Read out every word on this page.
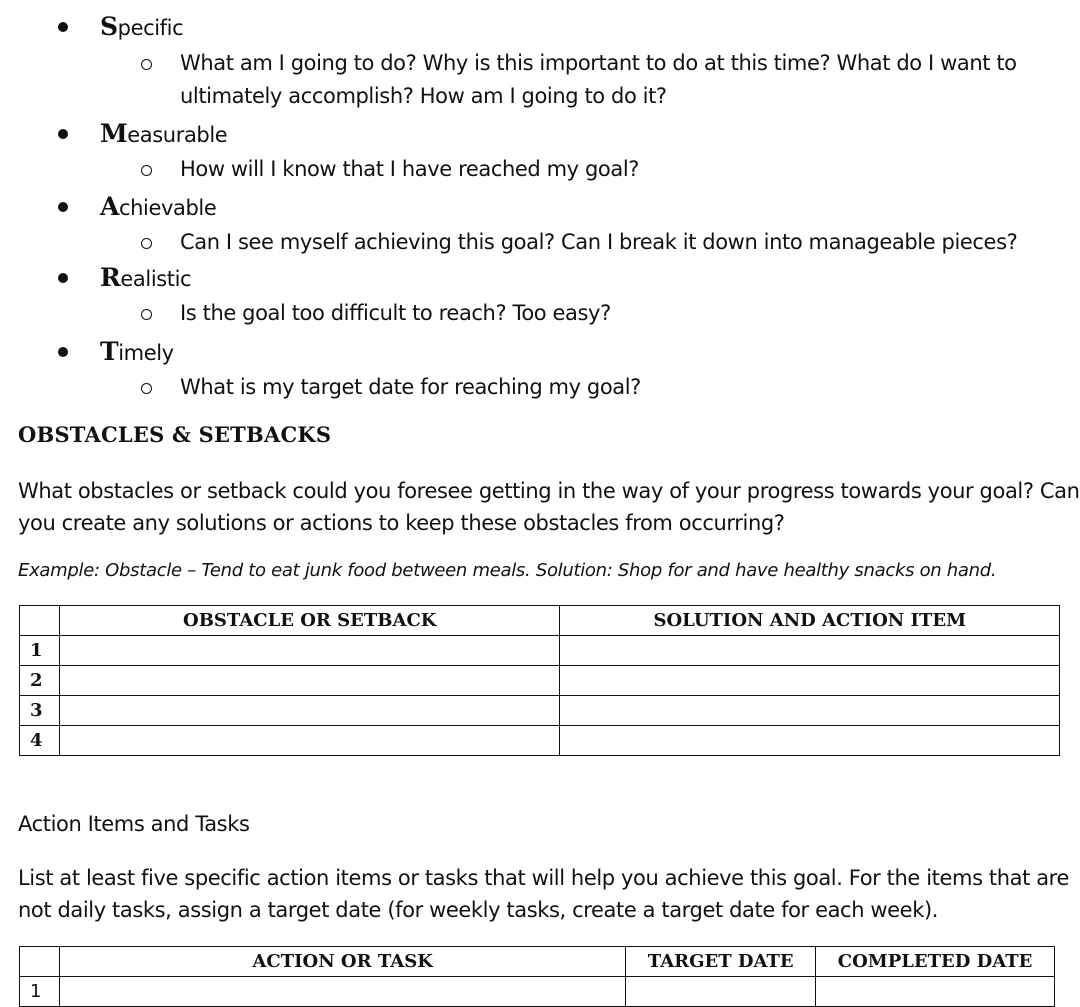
Specific
What am I going to do? Why is this important to do at this time? What do I want to
ultimately accomplish? How am I going to do it?
Measurable
How will I know that I have reached my goal?
Achievable
Can I see myself achieving this goal? Can I break it down into manageable pieces?
Realistic
Is the goal too difficult to reach? Too easy?
Timely
What is my target date for reaching my goal?
OBSTACLES & SETBACKS
What obstacles or setback could you foresee getting in the way of your progress towards your goal? Can
you create any solutions or actions to keep these obstacles from occurring?
Example: Obstacle – Tend to eat junk food between meals. Solution: Shop for and have healthy snacks on hand.
	OBSTACLE OR SETBACK	SOLUTION AND ACTION ITEM
1		
2		
3		
4		
Action Items and Tasks
List at least five specific action items or tasks that will help you achieve this goal. For the items that are
not daily tasks, assign a target date (for weekly tasks, create a target date for each week).
	ACTION OR TASK	TARGET DATE	COMPLETED DATE
1			
